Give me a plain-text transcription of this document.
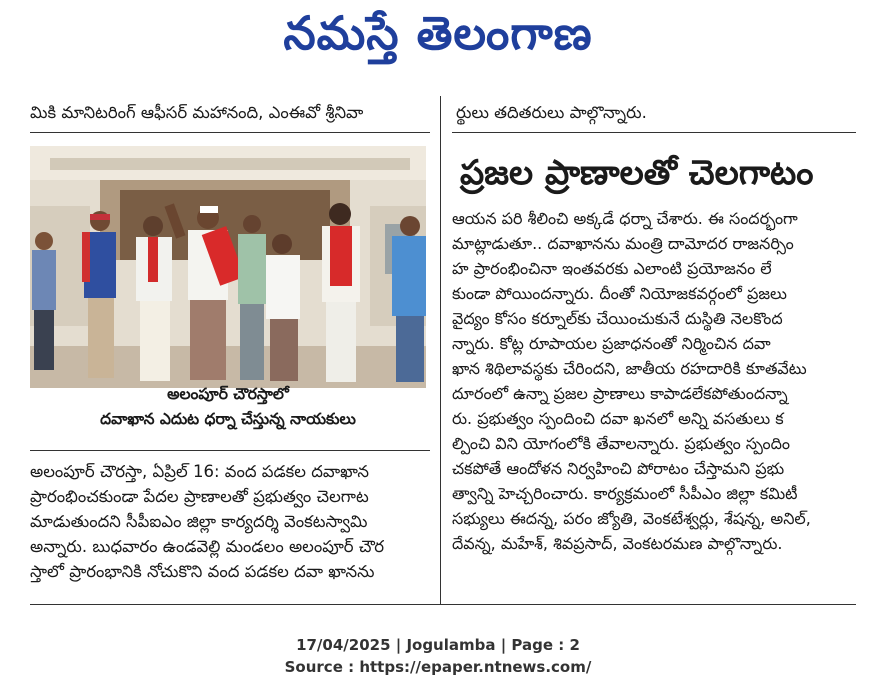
నమస్తే తెలంగాణ
మికి మానిటరింగ్ ఆఫీసర్ మహానంది, ఎంఈవో శ్రీనివా	ర్థులు తదితరులు పాల్గొన్నారు.
అలంపూర్ చౌరస్తాలో
దవాఖాన ఎదుట ధర్నా చేస్తున్న నాయకులు
ప్రజల ప్రాణాలతో చెలగాటం
అలంపూర్ చౌరస్తా, ఏప్రిల్ 16: వంద పడకల దవాఖాన
ప్రారంభించకుండా పేదల ప్రాణాలతో ప్రభుత్వం చెలగాట
మాడుతుందని సీపీఐఎం జిల్లా కార్యదర్శి వెంకటస్వామి
అన్నారు. బుధవారం ఉండవెల్లి మండలం అలంపూర్ చౌర
స్తాలో ప్రారంభానికి నోచుకొని వంద పడకల దవా ఖానను
ఆయన పరి శీలించి అక్కడే ధర్నా చేశారు. ఈ సందర్భంగా
మాట్లాడుతూ.. దవాఖానను మంత్రి దామోదర రాజనర్సిం
హ ప్రారంభించినా ఇంతవరకు ఎలాంటి ప్రయోజనం లే
కుండా పోయిందన్నారు. దీంతో నియోజకవర్గంలో ప్రజలు
వైద్యం కోసం కర్నూల్‌కు చేయించుకునే దుస్థితి నెలకొంద
న్నారు. కోట్ల రూపాయల ప్రజాధనంతో నిర్మించిన దవా
ఖాన శిథిలావస్థకు చేరిందని, జాతీయ రహదారికి కూతవేటు
దూరంలో ఉన్నా ప్రజల ప్రాణాలు కాపాడలేకపోతుందన్నా
రు. ప్రభుత్వం స్పందించి దవా ఖనలో అన్ని వసతులు క
ల్పించి విని యోగంలోకి తేవాలన్నారు. ప్రభుత్వం స్పందిం
చకపోతే ఆందోళన నిర్వహించి పోరాటం చేస్తామని ప్రభు
త్వాన్ని హెచ్చరించారు. కార్యక్రమంలో సీపీఎం జిల్లా కమిటీ
సభ్యులు ఈదన్న, పరం జ్యోతి, వెంకటేశ్వర్లు, శేషన్న, అనిల్,
దేవన్న, మహేశ్, శివప్రసాద్, వెంకటరమణ పాల్గొన్నారు.
17/04/2025 | Jogulamba | Page : 2
Source : https://epaper.ntnews.com/
